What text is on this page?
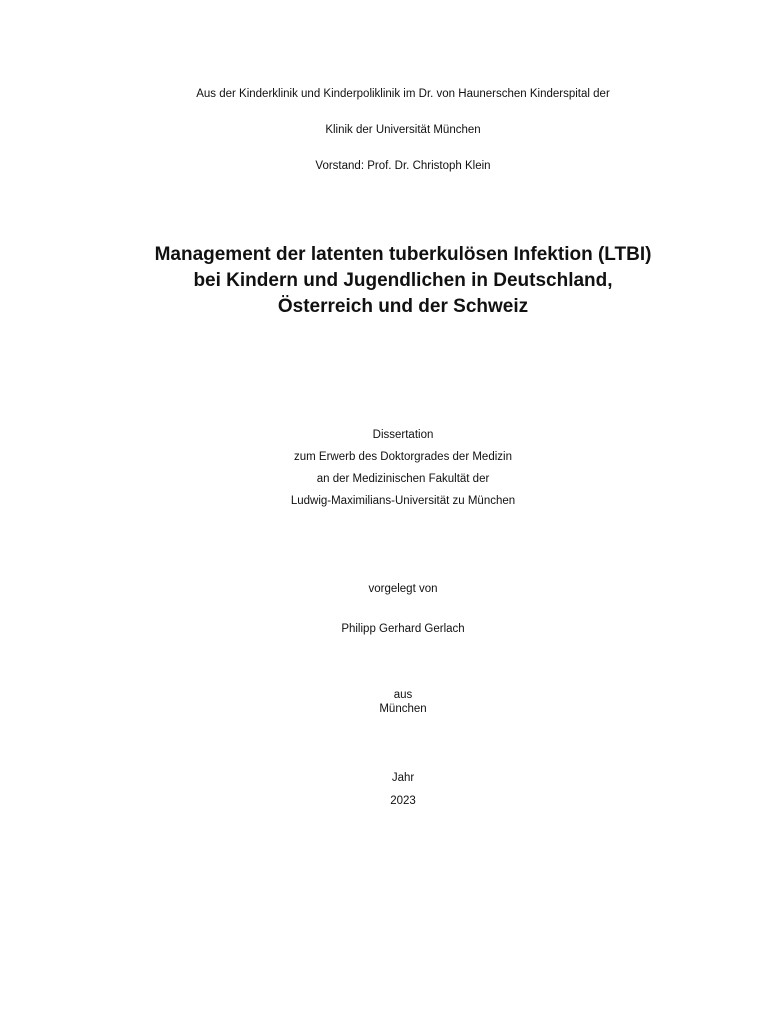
Aus der Kinderklinik und Kinderpoliklinik im Dr. von Haunerschen Kinderspital der
Klinik der Universität München
Vorstand: Prof. Dr. Christoph Klein
Management der latenten tuberkulösen Infektion (LTBI)
bei Kindern und Jugendlichen in Deutschland,
Österreich und der Schweiz
Dissertation
zum Erwerb des Doktorgrades der Medizin
an der Medizinischen Fakultät der
Ludwig-Maximilians-Universität zu München
vorgelegt von
Philipp Gerhard Gerlach
aus
München
Jahr
2023
